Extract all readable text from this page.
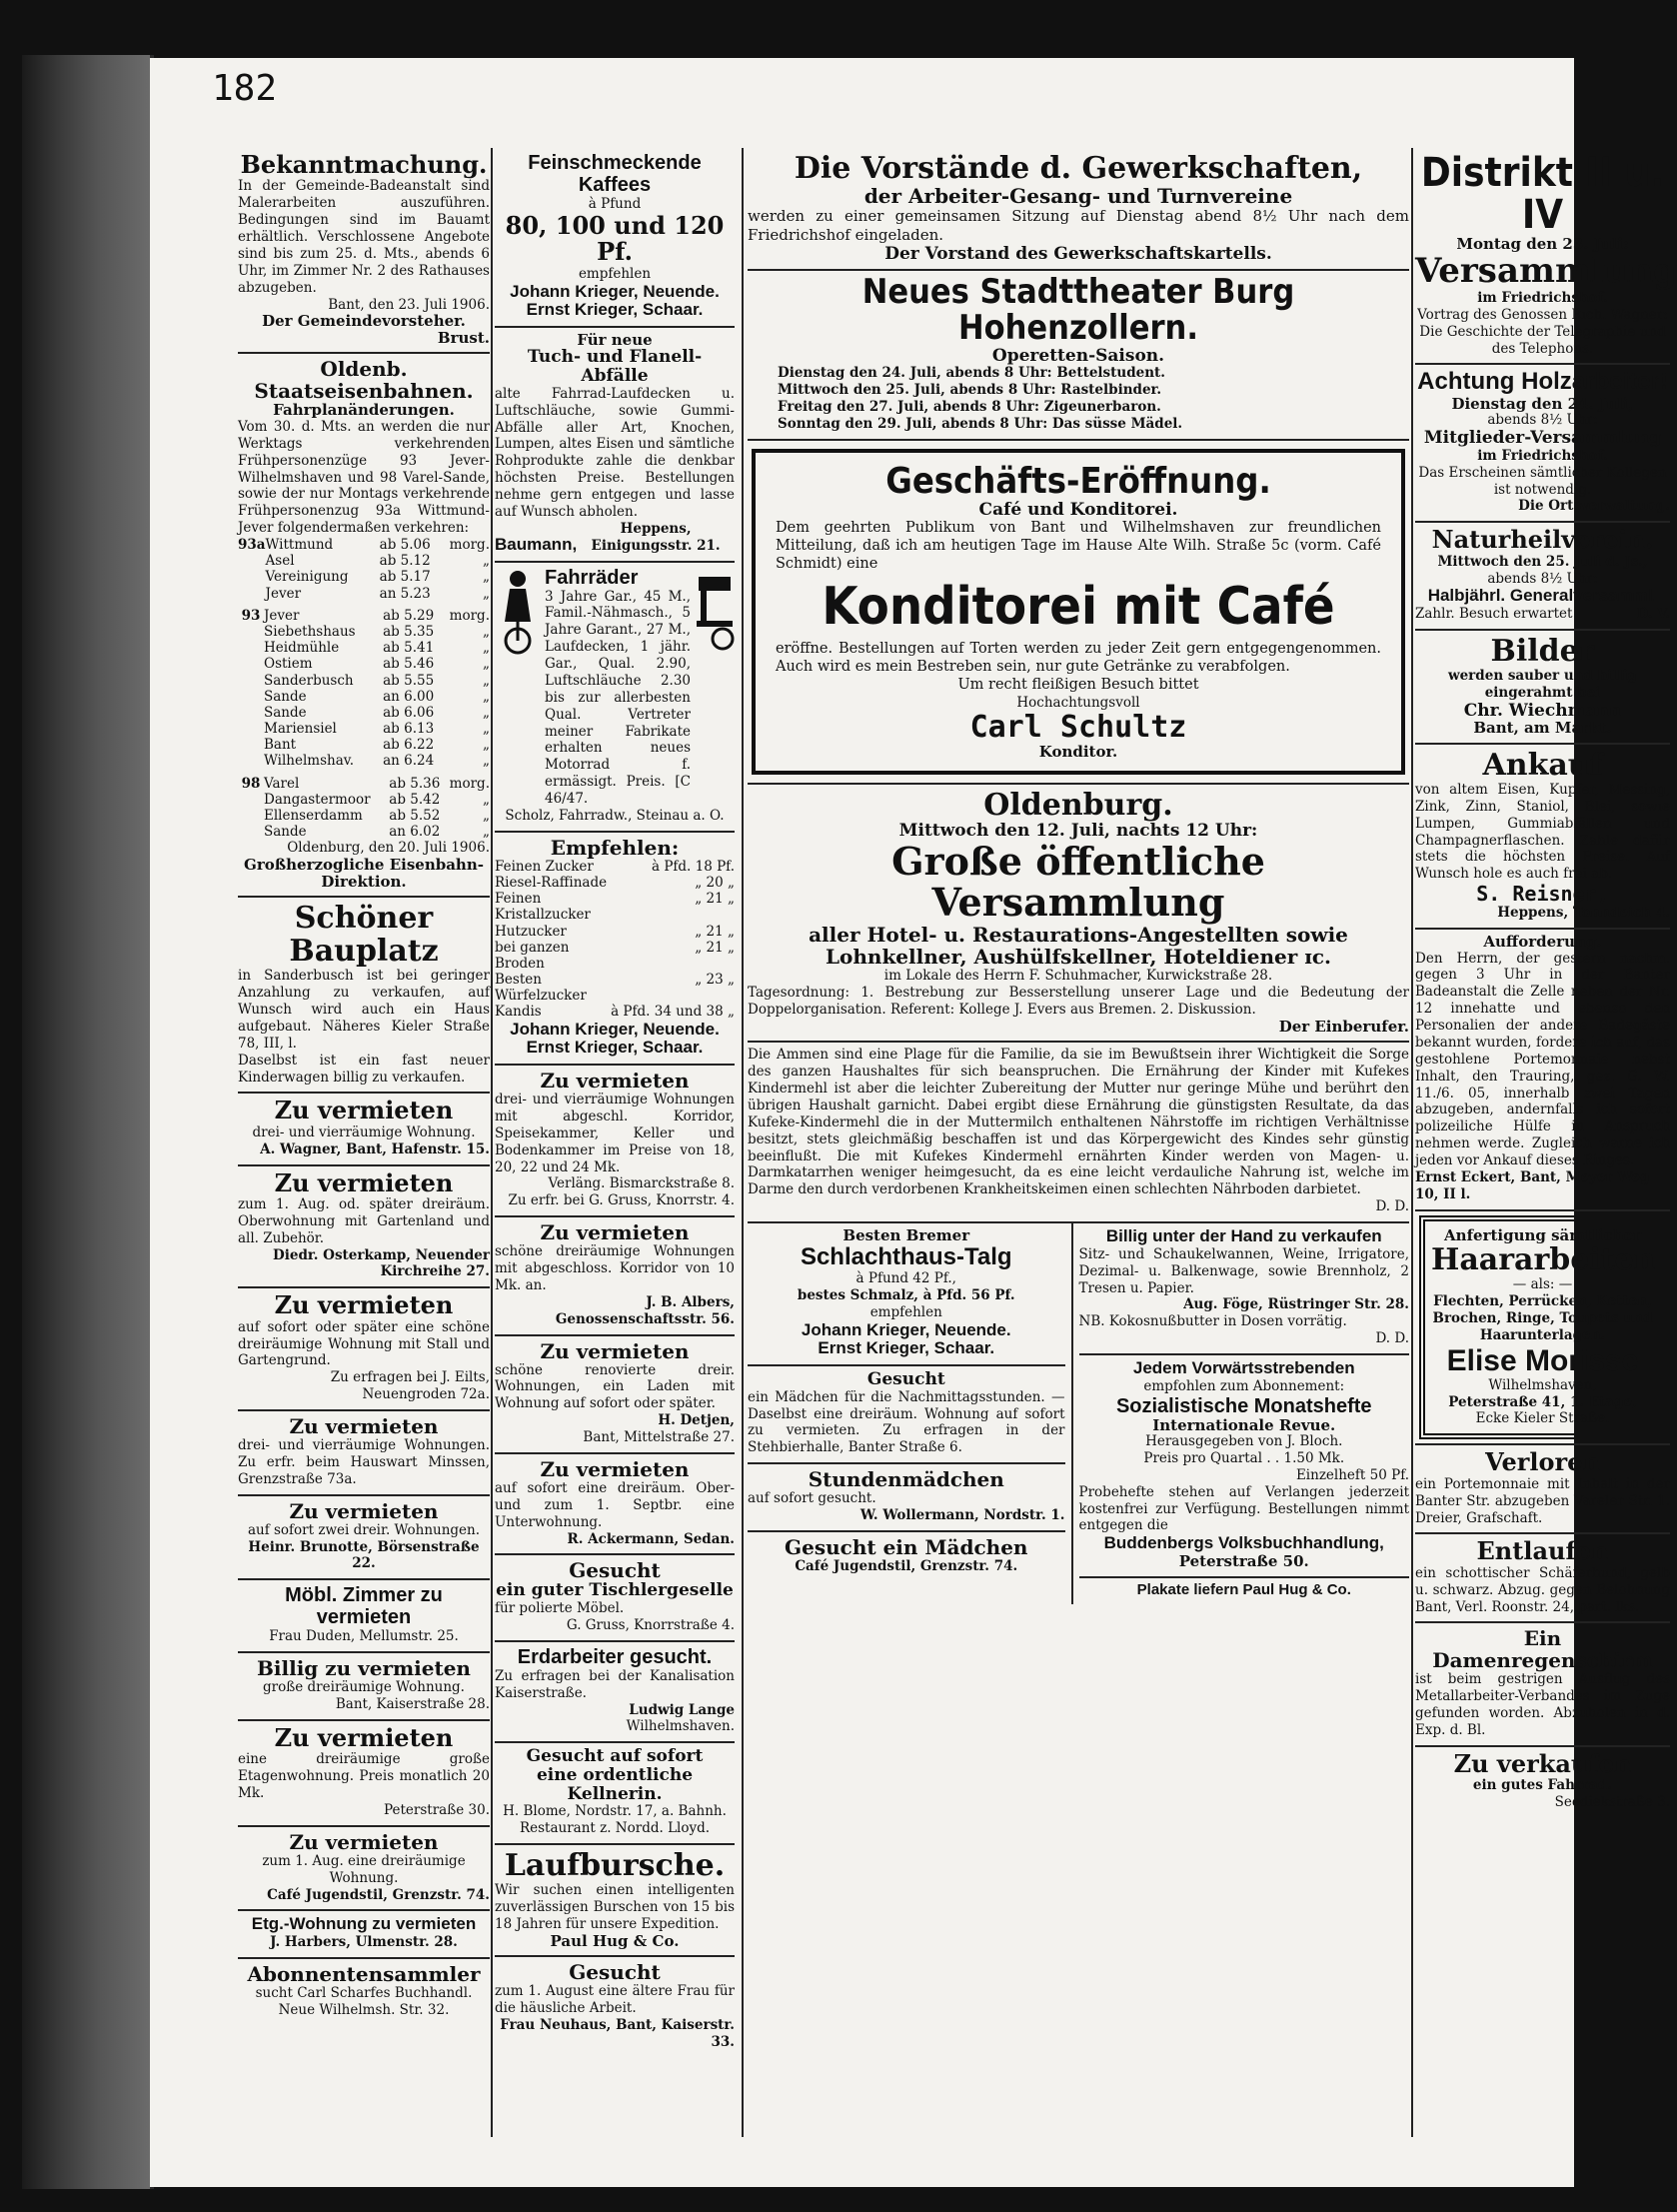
182
Bekanntmachung.
In der Gemeinde-Badeanstalt sind Malerarbeiten auszuführen. Bedingungen sind im Bauamt erhältlich. Verschlossene Angebote sind bis zum 25. d. Mts., abends 6 Uhr, im Zimmer Nr. 2 des Rathauses abzugeben.
Bant, den 23. Juli 1906.
Der Gemeindevorsteher.
Brust.
Oldenb. Staatseisenbahnen.
Fahrplanänderungen.
Vom 30. d. Mts. an werden die nur Werktags verkehrenden Frühpersonenzüge 93 Jever-Wilhelmshaven und 98 Varel-Sande, sowie der nur Montags verkehrende Frühpersonenzug 93a Wittmund-Jever folgendermaßen verkehren:
93a	Wittmund	ab 5.06	morg.
	Asel	ab 5.12	„
	Vereinigung	ab 5.17	„
	Jever	an 5.23	„
93	Jever	ab 5.29	morg.
	Siebethshaus	ab 5.35	„
	Heidmühle	ab 5.41	„
	Ostiem	ab 5.46	„
	Sanderbusch	ab 5.55	„
	Sande	an 6.00	„
	Sande	ab 6.06	„
	Mariensiel	ab 6.13	„
	Bant	ab 6.22	„
	Wilhelmshav.	an 6.24	„
98	Varel	ab 5.36	morg.
	Dangastermoor	ab 5.42	„
	Ellenserdamm	ab 5.52	„
	Sande	an 6.02	„
Oldenburg, den 20. Juli 1906.
Großherzogliche Eisenbahn-Direktion.
Schöner Bauplatz
in Sanderbusch ist bei geringer Anzahlung zu verkaufen, auf Wunsch wird auch ein Haus aufgebaut. Näheres Kieler Straße 78, III, l.
Daselbst ist ein fast neuer Kinderwagen billig zu verkaufen.
Zu vermieten
drei- und vierräumige Wohnung.
A. Wagner, Bant, Hafenstr. 15.
Zu vermieten
zum 1. Aug. od. später dreiräum. Oberwohnung mit Gartenland und all. Zubehör.
Diedr. Osterkamp, Neuender Kirchreihe 27.
Zu vermieten
auf sofort oder später eine schöne dreiräumige Wohnung mit Stall und Gartengrund.
Zu erfragen bei J. Eilts, Neuengroden 72a.
Zu vermieten
drei- und vierräumige Wohnungen. Zu erfr. beim Hauswart Minssen, Grenzstraße 73a.
Zu vermieten
auf sofort zwei dreir. Wohnungen.
Heinr. Brunotte, Börsenstraße 22.
Möbl. Zimmer zu vermieten
Frau Duden, Mellumstr. 25.
Billig zu vermieten
große dreiräumige Wohnung.
Bant, Kaiserstraße 28.
Zu vermieten
eine dreiräumige große Etagenwohnung. Preis monatlich 20 Mk.
Peterstraße 30.
Zu vermieten
zum 1. Aug. eine dreiräumige Wohnung.
Café Jugendstil, Grenzstr. 74.
Etg.-Wohnung zu vermieten
J. Harbers, Ulmenstr. 28.
Abonnentensammler
sucht Carl Scharfes Buchhandl. Neue Wilhelmsh. Str. 32.
Feinschmeckende Kaffees
à Pfund
80, 100 und 120 Pf.
empfehlen
Johann Krieger, Neuende.
Ernst Krieger, Schaar.
Für neue
Tuch- und Flanell-Abfälle
alte Fahrrad-Laufdecken u. Luftschläuche, sowie Gummi-Abfälle aller Art, Knochen, Lumpen, altes Eisen und sämtliche Rohprodukte zahle die denkbar höchsten Preise. Bestellungen nehme gern entgegen und lasse auf Wunsch abholen.
Baumann,
Heppens, Einigungsstr. 21.
Fahrräder
3 Jahre Gar., 45 M., Famil.-Nähmasch., 5 Jahre Garant., 27 M., Laufdecken, 1 jähr. Gar., Qual. 2.90, Luftschläuche 2.30 bis zur allerbesten Qual. Vertreter meiner Fabrikate erhalten neues Motorrad f. ermässigt. Preis. [C 46/47.
Scholz, Fahrradw., Steinau a. O.
Empfehlen:
Feinen Zucker	à Pfd. 18 Pf.
Riesel-Raffinade	„ 20 „
Feinen Kristallzucker	„ 21 „
Hutzucker	„ 21 „
bei ganzen Broden	„ 21 „
Besten Würfelzucker	„ 23 „
Kandis	à Pfd. 34 und 38 „
Johann Krieger, Neuende.
Ernst Krieger, Schaar.
Zu vermieten
drei- und vierräumige Wohnungen mit abgeschl. Korridor, Speisekammer, Keller und Bodenkammer im Preise von 18, 20, 22 und 24 Mk.
Verläng. Bismarckstraße 8.
Zu erfr. bei G. Gruss, Knorrstr. 4.
Zu vermieten
schöne dreiräumige Wohnungen mit abgeschloss. Korridor von 10 Mk. an.
J. B. Albers, Genossenschaftsstr. 56.
Zu vermieten
schöne renovierte dreir. Wohnungen, ein Laden mit Wohnung auf sofort oder später.
H. Detjen,
Bant, Mittelstraße 27.
Zu vermieten
auf sofort eine dreiräum. Ober- und zum 1. Septbr. eine Unterwohnung.
R. Ackermann, Sedan.
Gesucht
ein guter Tischlergeselle
für polierte Möbel.
G. Gruss, Knorrstraße 4.
Erdarbeiter gesucht.
Zu erfragen bei der Kanalisation Kaiserstraße.
Ludwig Lange
Wilhelmshaven.
Gesucht auf sofort
eine ordentliche Kellnerin.
H. Blome, Nordstr. 17, a. Bahnh. Restaurant z. Nordd. Lloyd.
Laufbursche.
Wir suchen einen intelligenten zuverlässigen Burschen von 15 bis 18 Jahren für unsere Expedition.
Paul Hug & Co.
Gesucht
zum 1. August eine ältere Frau für die häusliche Arbeit.
Frau Neuhaus, Bant, Kaiserstr. 33.
Die Vorstände d. Gewerkschaften,
der Arbeiter-Gesang- und Turnvereine
werden zu einer gemeinsamen Sitzung auf Dienstag abend 8½ Uhr nach dem Friedrichshof eingeladen.
Der Vorstand des Gewerkschaftskartells.
Neues Stadttheater Burg Hohenzollern.
Operetten-Saison.
Dienstag den 24. Juli, abends 8 Uhr: Bettelstudent.
Mittwoch den 25. Juli, abends 8 Uhr: Rastelbinder.
Freitag den 27. Juli, abends 8 Uhr: Zigeunerbaron.
Sonntag den 29. Juli, abends 8 Uhr: Das süsse Mädel.
Geschäfts-Eröffnung.
Café und Konditorei.
Dem geehrten Publikum von Bant und Wilhelmshaven zur freundlichen Mitteilung, daß ich am heutigen Tage im Hause Alte Wilh. Straße 5c (vorm. Café Schmidt) eine
Konditorei mit Café
eröffne. Bestellungen auf Torten werden zu jeder Zeit gern entgegengenommen. Auch wird es mein Bestreben sein, nur gute Getränke zu verabfolgen.
Um recht fleißigen Besuch bittet
Hochachtungsvoll
Carl Schultz
Konditor.
Oldenburg.
Mittwoch den 12. Juli, nachts 12 Uhr:
Große öffentliche Versammlung
aller Hotel- u. Restaurations-Angestellten sowie Lohnkellner, Aushülfskellner, Hoteldiener ɪc.
im Lokale des Herrn F. Schuhmacher, Kurwickstraße 28.
Tagesordnung: 1. Bestrebung zur Besserstellung unserer Lage und die Bedeutung der Doppelorganisation. Referent: Kollege J. Evers aus Bremen. 2. Diskussion.
Der Einberufer.
Die Ammen sind eine Plage für die Familie, da sie im Bewußtsein ihrer Wichtigkeit die Sorge des ganzen Haushaltes für sich beanspruchen. Die Ernährung der Kinder mit Kufekes Kindermehl ist aber die leichter Zubereitung der Mutter nur geringe Mühe und berührt den übrigen Haushalt garnicht. Dabei ergibt diese Ernährung die günstigsten Resultate, da das Kufeke-Kindermehl die in der Muttermilch enthaltenen Nährstoffe im richtigen Verhältnisse besitzt, stets gleichmäßig beschaffen ist und das Körpergewicht des Kindes sehr günstig beeinflußt. Die mit Kufekes Kindermehl ernährten Kinder werden von Magen- u. Darmkatarrhen weniger heimgesucht, da es eine leicht verdauliche Nahrung ist, welche im Darme den durch verdorbenen Krankheitskeimen einen schlechten Nährboden darbietet.
D. D.
Besten Bremer
Schlachthaus-Talg
à Pfund 42 Pf.,
bestes Schmalz, à Pfd. 56 Pf.
empfehlen
Johann Krieger, Neuende.
Ernst Krieger, Schaar.
Gesucht
ein Mädchen für die Nachmittagsstunden. — Daselbst eine dreiräum. Wohnung auf sofort zu vermieten. Zu erfragen in der Stehbierhalle, Banter Straße 6.
Stundenmädchen
auf sofort gesucht.
W. Wollermann, Nordstr. 1.
Gesucht ein Mädchen
Café Jugendstil, Grenzstr. 74.
Billig unter der Hand zu verkaufen
Sitz- und Schaukelwannen, Weine, Irrigatore, Dezimal- u. Balkenwage, sowie Brennholz, 2 Tresen u. Papier.
Aug. Föge, Rüstringer Str. 28.
NB. Kokosnußbutter in Dosen vorrätig.
D. D.
Jedem Vorwärtsstrebenden
empfohlen zum Abonnement:
Sozialistische Monatshefte
Internationale Revue.
Herausgegeben von J. Bloch.
Preis pro Quartal . . 1.50 Mk.
Einzelheft 50 Pf.
Probehefte stehen auf Verlangen jederzeit kostenfrei zur Verfügung. Bestellungen nimmt entgegen die
Buddenbergs Volksbuchhandlung,
Peterstraße 50.
Plakate liefern Paul Hug & Co.
Distrikt II u. IV
Montag den 23. Juli:
Versammlung
im Friedrichshof.
Vortrag des Genossen Rich. Wagner: Die Geschichte der Telegraphie und des Telephons.
Achtung Holzarbeiter!
Dienstag den 24. Juli,
abends 8½ Uhr:
Mitglieder-Versammlung
im Friedrichshof.
Das Erscheinen sämtlicher Kollegen ist notwendig.
Die Ortsverwaltung.
Naturheilverein.
Mittwoch den 25. Juli d. Js.,
abends 8½ Uhr:
Halbjährl. Generalversamml.
Zahlr. Besuch erwartet	D. V.
Bilder
werden sauber und billig eingerahmt bei
Chr. Wiechmann
Bant, am Markt.
Ankauf
von altem Eisen, Kupfer, Messing, Zink, Zinn, Staniol, Blei, sowie Lumpen, Gummiabfällen und Champagnerflaschen. Zahle dafür stets die höchsten Preise. Auf Wunsch hole es auch frei ab.
S. Reisner,
Heppens, Tonndeich 4.
Aufforderung.
Den Herrn, der gestern nachm. gegen 3 Uhr in der Banter Badeanstalt die Zelle neben der Nr. 12 innehatte und ebenso den Personalien der andere Badegäste bekannt wurden, fordere ich auf, das gestohlene Portemonnaie nebst Inhalt, den Trauring, gez. G. W. 11./6. 05, innerhalb zwei Tagen abzugeben, andernfalls ich sofort polizeiliche Hülfe in Anspruch nehmen werde. Zugleich warne ich jeden vor Ankauf dieses Ringes.
Ernst Eckert, Bant, Meyer Weg 10, II l.
Anfertigung sämtlicher
Haararbeiten
— als: —
Flechten, Perrücken, Ketten, Brochen, Ringe, Toupets und Haarunterlagen.
Elise Morisse
Wilhelmshaven,
Peterstraße 41, 1. Etage,
Ecke Kieler Straße.
Verloren
ein Portemonnaie mit Inhalt in der Banter Str. abzugeben Vareler Str. 1. Dreier, Grafschaft.
Entlaufen
ein schottischer Schäferhund, gelb u. schwarz. Abzug. gegen Belohnung Bant, Verl. Roonstr. 24, part. lks.
Ein Damenregenschirm
ist beim gestrigen Ausflug des Metallarbeiter-Verbandes im Zuge gefunden worden. Abzuholen in d. Exp. d. Bl.
Zu verkaufen
ein gutes Fahrrad.
Seediekstraße 3.
